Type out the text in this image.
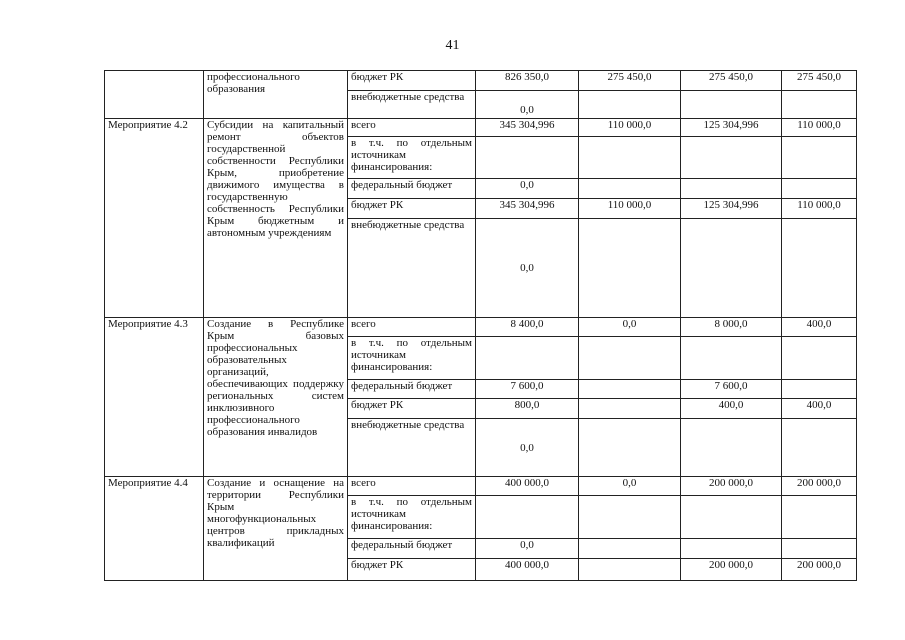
41
	профессионального образования	бюджет РК	826 350,0	275 450,0	275 450,0	275 450,0
		внебюджетные средства	0,0			
Мероприятие 4.2	Субсидии на капитальный ремонт объектов государственной собственности Республики Крым, приобретение движимого имущества в государственную собственность Республики Крым бюджетным и автономным учреждениям	всего	345 304,996	110 000,0	125 304,996	110 000,0
		в т.ч. по отдельным источникам финансирования:				
		федеральный бюджет	0,0			
		бюджет РК	345 304,996	110 000,0	125 304,996	110 000,0
		внебюджетные средства	0,0			
Мероприятие 4.3	Создание в Республике Крым базовых профессиональных образовательных организаций, обеспечивающих поддержку региональных систем инклюзивного профессионального образования инвалидов	всего	8 400,0	0,0	8 000,0	400,0
		в т.ч. по отдельным источникам финансирования:				
		федеральный бюджет	7 600,0		7 600,0	
		бюджет РК	800,0		400,0	400,0
		внебюджетные средства	0,0			
Мероприятие 4.4	Создание и оснащение на территории Республики Крым многофункциональных центров прикладных квалификаций	всего	400 000,0	0,0	200 000,0	200 000,0
		в т.ч. по отдельным источникам финансирования:				
		федеральный бюджет	0,0			
		бюджет РК	400 000,0		200 000,0	200 000,0
